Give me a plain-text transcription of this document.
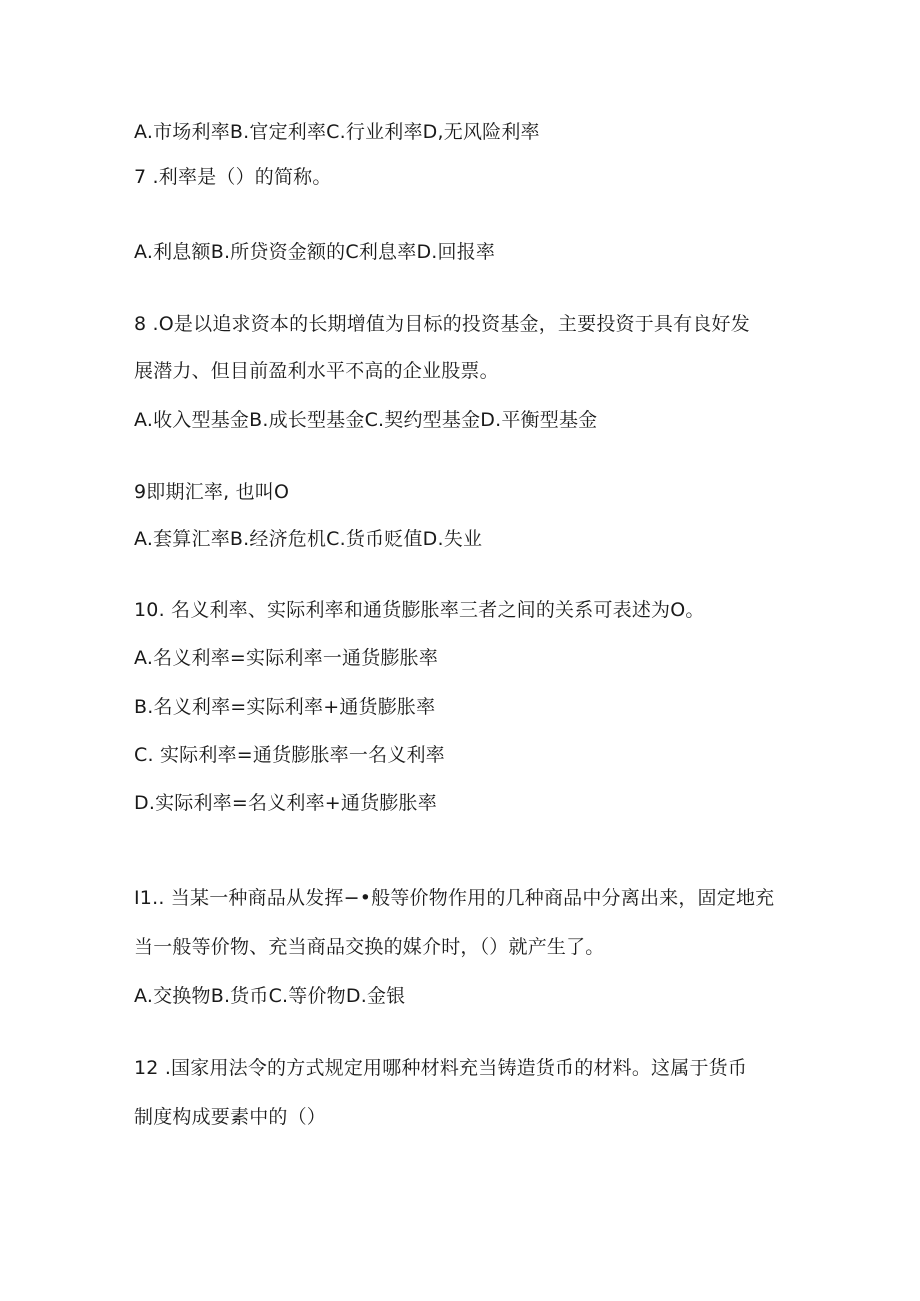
A.市场利率B.官定利率C.行业利率D,无风险利率
7 .利率是（）的简称。
A.利息额B.所贷资金额的C利息率D.回报率
8 .O是以追求资本的长期增值为目标的投资基金，主要投资于具有良好发
展潜力、但目前盈利水平不高的企业股票。
A.收入型基金B.成长型基金C.契约型基金D.平衡型基金
9即期汇率, 也叫O
A.套算汇率B.经济危机C.货币贬值D.失业
10. 名义利率、实际利率和通货膨胀率三者之间的关系可表述为O。
A.名义利率=实际利率一通货膨胀率
B.名义利率=实际利率+通货膨胀率
C. 实际利率=通货膨胀率一名义利率
D.实际利率=名义利率+通货膨胀率
I1.. 当某一种商品从发挥−•般等价物作用的几种商品中分离出来，固定地充
当一般等价物、充当商品交换的媒介时，（）就产生了。
A.交换物B.货币C.等价物D.金银
12 .国家用法令的方式规定用哪种材料充当铸造货币的材料。这属于货币
制度构成要素中的（）
